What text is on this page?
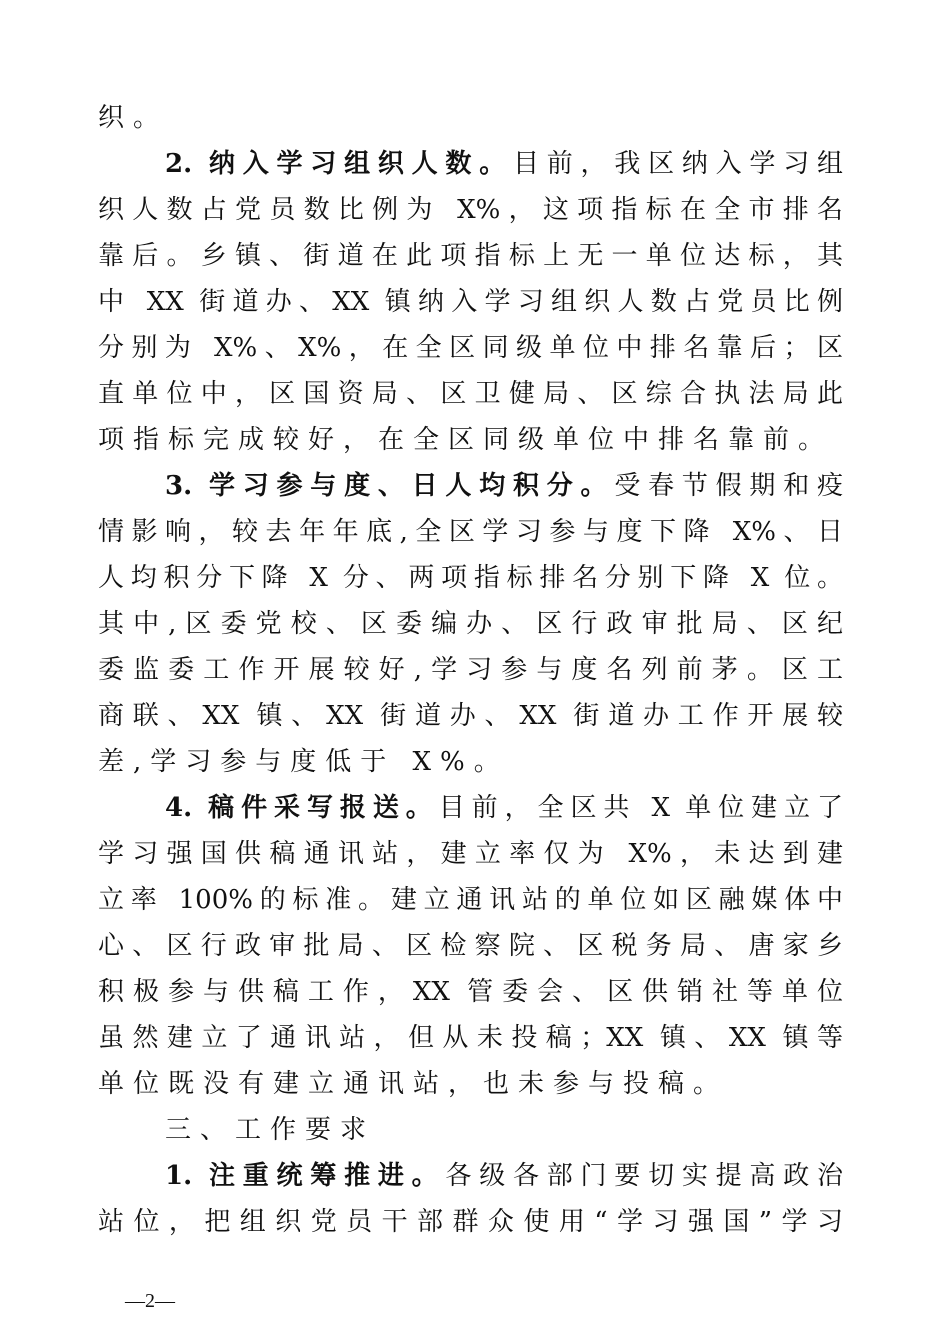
织。
2. 纳入学习组织人数。目前，我区纳入学习组
织人数占党员数比例为 X%，这项指标在全市排名
靠后。乡镇、街道在此项指标上无一单位达标，其
中 XX 街道办、XX 镇纳入学习组织人数占党员比例
分别为 X%、X%，在全区同级单位中排名靠后；区
直单位中，区国资局、区卫健局、区综合执法局此
项指标完成较好，在全区同级单位中排名靠前。
3. 学习参与度、日人均积分。受春节假期和疫
情影响，较去年年底,全区学习参与度下降 X%、日
人均积分下降 X 分、两项指标排名分别下降 X 位。
其中,区委党校、区委编办、区行政审批局、区纪
委监委工作开展较好,学习参与度名列前茅。区工
商联、XX 镇、XX 街道办、XX 街道办工作开展较
差,学习参与度低于 X%。
4. 稿件采写报送。目前，全区共 X 单位建立了
学习强国供稿通讯站，建立率仅为 X%，未达到建
立率 100%的标准。建立通讯站的单位如区融媒体中
心、区行政审批局、区检察院、区税务局、唐家乡
积极参与供稿工作，XX 管委会、区供销社等单位
虽然建立了通讯站，但从未投稿；XX 镇、XX 镇等
单位既没有建立通讯站，也未参与投稿。
三、工作要求
1. 注重统筹推进。各级各部门要切实提高政治
站位，把组织党员干部群众使用“学习强国”学习
—2—
